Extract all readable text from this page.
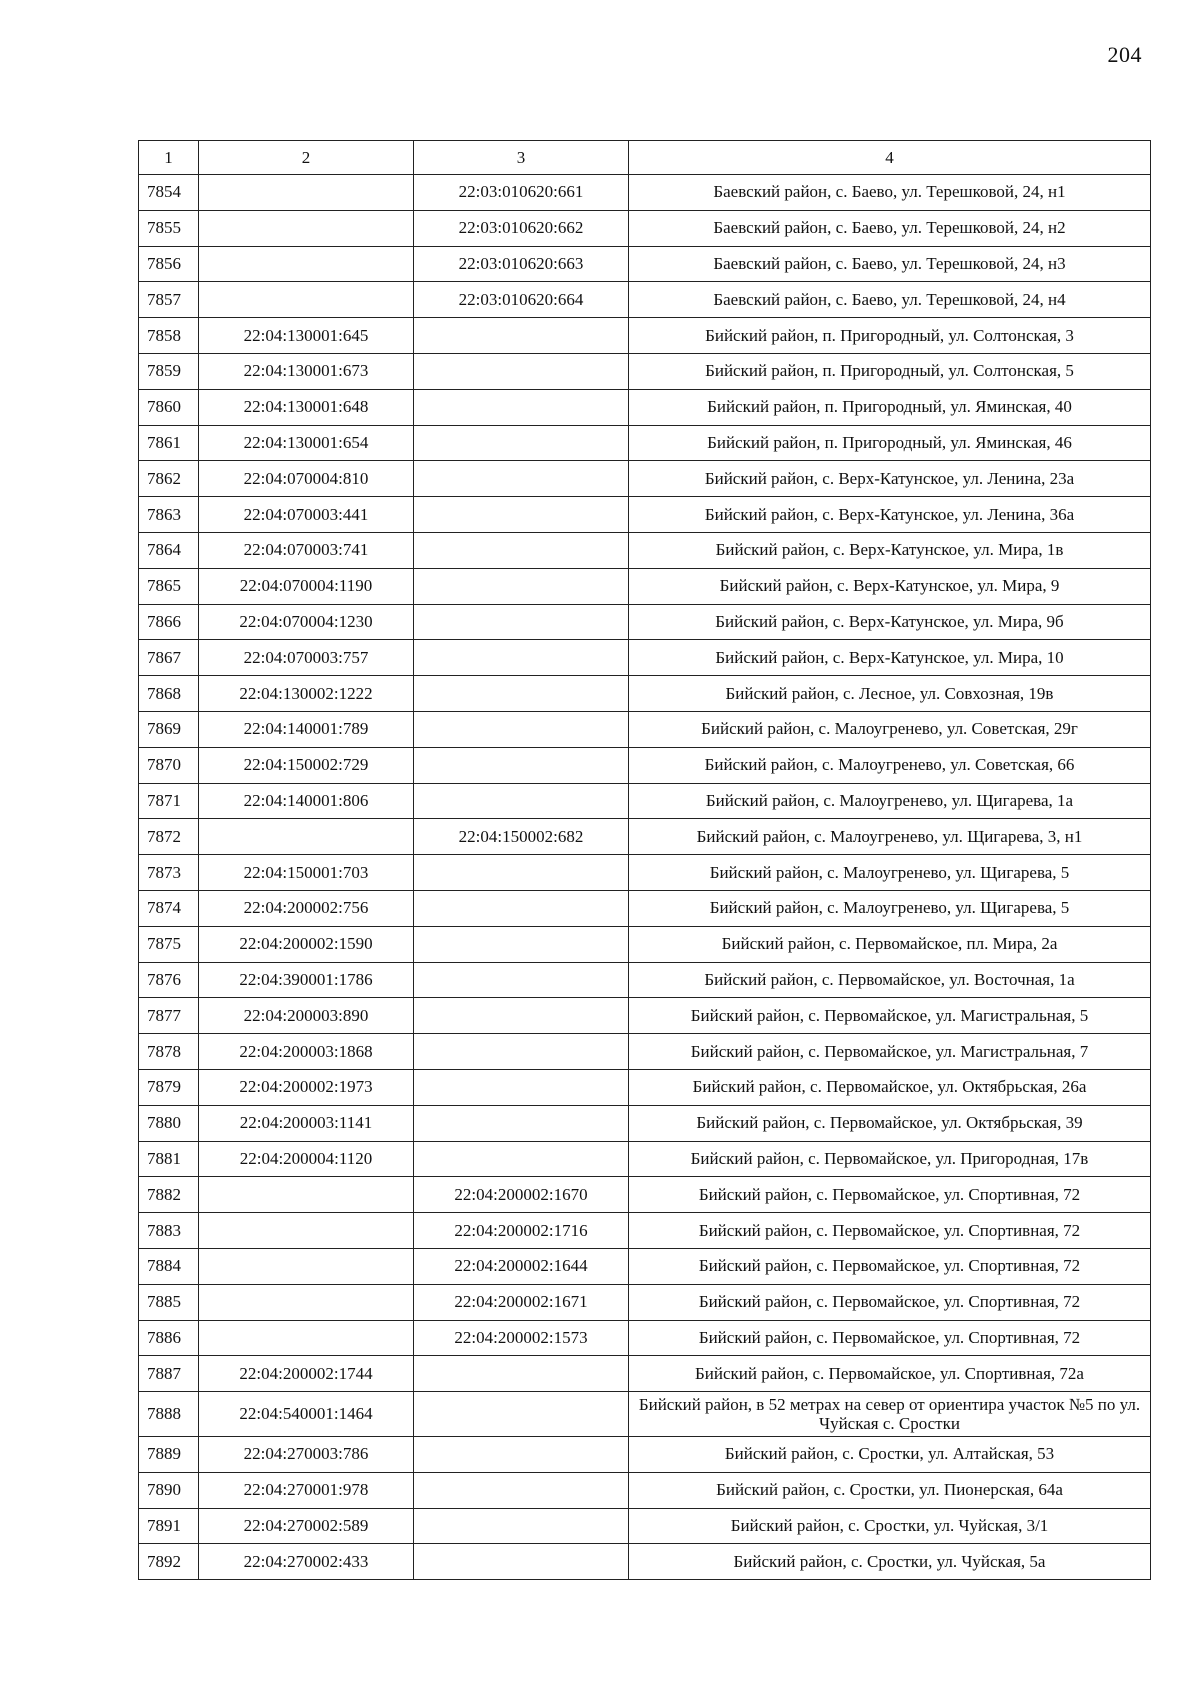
204
1	2	3	4
7854		22:03:010620:661	Баевский район, с. Баево, ул. Терешковой, 24, н1
7855		22:03:010620:662	Баевский район, с. Баево, ул. Терешковой, 24, н2
7856		22:03:010620:663	Баевский район, с. Баево, ул. Терешковой, 24, н3
7857		22:03:010620:664	Баевский район, с. Баево, ул. Терешковой, 24, н4
7858	22:04:130001:645		Бийский район, п. Пригородный, ул. Солтонская, 3
7859	22:04:130001:673		Бийский район, п. Пригородный, ул. Солтонская, 5
7860	22:04:130001:648		Бийский район, п. Пригородный, ул. Яминская, 40
7861	22:04:130001:654		Бийский район, п. Пригородный, ул. Яминская, 46
7862	22:04:070004:810		Бийский район, с. Верх-Катунское, ул. Ленина, 23а
7863	22:04:070003:441		Бийский район, с. Верх-Катунское, ул. Ленина, 36а
7864	22:04:070003:741		Бийский район, с. Верх-Катунское, ул. Мира, 1в
7865	22:04:070004:1190		Бийский район, с. Верх-Катунское, ул. Мира, 9
7866	22:04:070004:1230		Бийский район, с. Верх-Катунское, ул. Мира, 9б
7867	22:04:070003:757		Бийский район, с. Верх-Катунское, ул. Мира, 10
7868	22:04:130002:1222		Бийский район, с. Лесное, ул. Совхозная, 19в
7869	22:04:140001:789		Бийский район, с. Малоугренево, ул. Советская, 29г
7870	22:04:150002:729		Бийский район, с. Малоугренево, ул. Советская, 66
7871	22:04:140001:806		Бийский район, с. Малоугренево, ул. Щигарева, 1а
7872		22:04:150002:682	Бийский район, с. Малоугренево, ул. Щигарева, 3, н1
7873	22:04:150001:703		Бийский район, с. Малоугренево, ул. Щигарева, 5
7874	22:04:200002:756		Бийский район, с. Малоугренево, ул. Щигарева, 5
7875	22:04:200002:1590		Бийский район, с. Первомайское, пл. Мира, 2а
7876	22:04:390001:1786		Бийский район, с. Первомайское, ул. Восточная, 1а
7877	22:04:200003:890		Бийский район, с. Первомайское, ул. Магистральная, 5
7878	22:04:200003:1868		Бийский район, с. Первомайское, ул. Магистральная, 7
7879	22:04:200002:1973		Бийский район, с. Первомайское, ул. Октябрьская, 26а
7880	22:04:200003:1141		Бийский район, с. Первомайское, ул. Октябрьская, 39
7881	22:04:200004:1120		Бийский район, с. Первомайское, ул. Пригородная, 17в
7882		22:04:200002:1670	Бийский район, с. Первомайское, ул. Спортивная, 72
7883		22:04:200002:1716	Бийский район, с. Первомайское, ул. Спортивная, 72
7884		22:04:200002:1644	Бийский район, с. Первомайское, ул. Спортивная, 72
7885		22:04:200002:1671	Бийский район, с. Первомайское, ул. Спортивная, 72
7886		22:04:200002:1573	Бийский район, с. Первомайское, ул. Спортивная, 72
7887	22:04:200002:1744		Бийский район, с. Первомайское, ул. Спортивная, 72а
7888	22:04:540001:1464		Бийский район, в 52 метрах на север от ориентира участок №5 по ул. Чуйская с. Сростки
7889	22:04:270003:786		Бийский район, с. Сростки, ул. Алтайская, 53
7890	22:04:270001:978		Бийский район, с. Сростки, ул. Пионерская, 64а
7891	22:04:270002:589		Бийский район, с. Сростки, ул. Чуйская, 3/1
7892	22:04:270002:433		Бийский район, с. Сростки, ул. Чуйская, 5а
